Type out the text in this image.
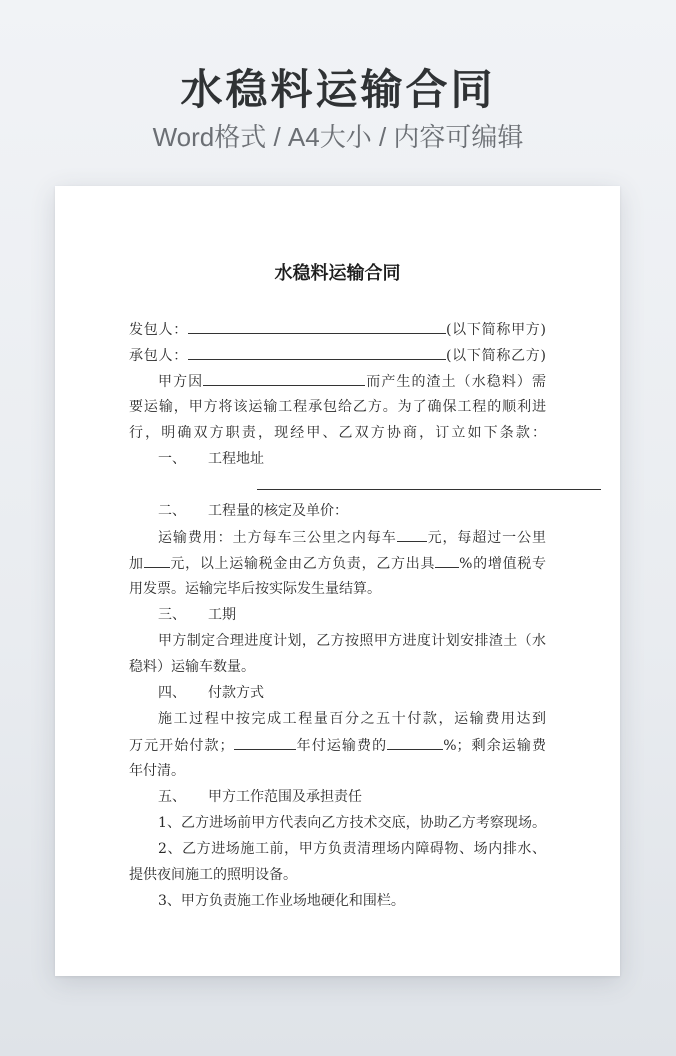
水稳料运输合同
Word格式 / A4大小 / 内容可编辑
水稳料运输合同
发包人：	(以下简称甲方)
承包人：	(以下简称乙方)
甲方因	而产生的渣土（水稳料）需
要运输，甲方将该运输工程承包给乙方。为了确保工程的顺利进
行，明确双方职责，现经甲、乙双方协商，订立如下条款：
一、 工程地址
二、 工程量的核定及单价：
运输费用：土方每车三公里之内每车 元，每超过一公里
加 元，以上运输税金由乙方负责，乙方出具 %的增值税专
用发票。运输完毕后按实际发生量结算。
三、 工期
甲方制定合理进度计划，乙方按照甲方进度计划安排渣土（水
稳料）运输车数量。
四、 付款方式
施工过程中按完成工程量百分之五十付款，运输费用达到
万元开始付款；	年付运输费的	%；剩余运输费
年付清。
五、 甲方工作范围及承担责任
1、乙方进场前甲方代表向乙方技术交底，协助乙方考察现场。
2、乙方进场施工前，甲方负责清理场内障碍物、场内排水、
提供夜间施工的照明设备。
3、甲方负责施工作业场地硬化和围栏。
